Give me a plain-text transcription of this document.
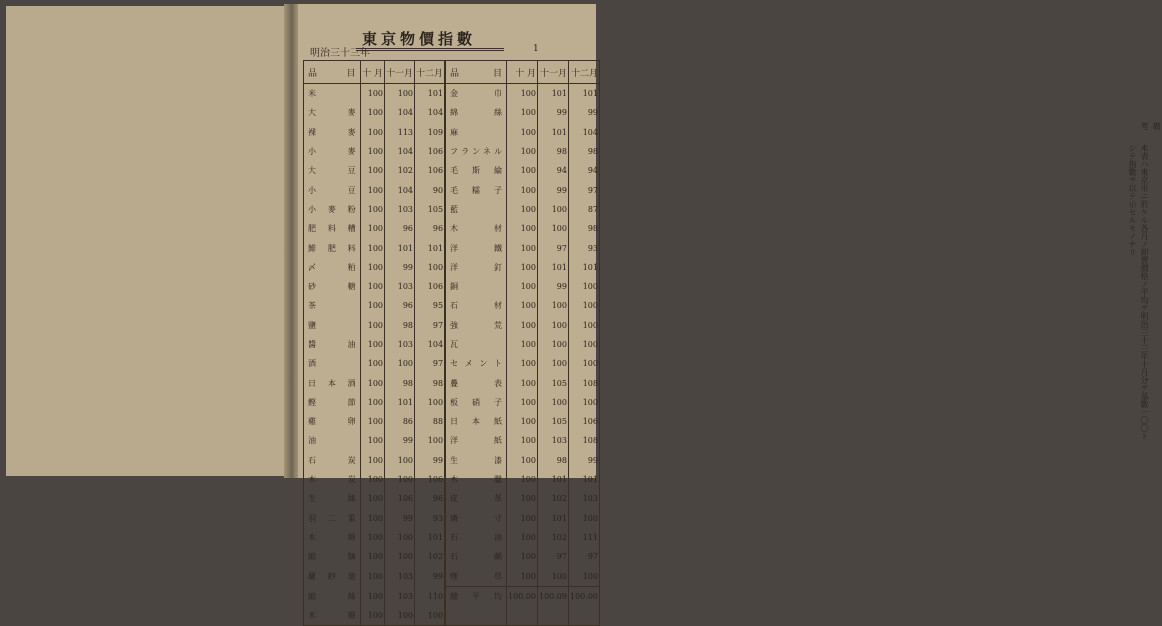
明治三十三年
東京物價指數
1
品　目	十 月	十一月	十二月	品　目	十 月	十一月	十二月
米	100	100	101	金　　巾	100	101	101
大　　麥	100	104	104	綿　　絲	100	99	99
裸　　麥	100	113	109	麻	100	101	104
小　　麥	100	104	106	フランネル	100	98	98
大　　豆	100	102	106	毛 斯 綸	100	94	94
小　　豆	100	104	90	毛 糯 子	100	99	97
小 麥 粉	100	103	105	藍	100	100	87
肥 料 糟	100	96	96	木　　材	100	100	98
鯡 肥 料	100	101	101	洋　　鐵	100	97	93
〆　　粕	100	99	100	洋　　釘	100	101	101
砂　　糖	100	103	106	銅	100	99	100
茶	100	96	95	石　　材	100	100	100
鹽	100	98	97	強　　荒	100	100	100
醬　　油	100	103	104	瓦	100	100	100
酒	100	100	97	セメント	100	100	100
日 本 酒	100	98	98	疊　　表	100	105	108
鰹　　節	100	101	100	板 硝 子	100	100	100
雞　　卵	100	86	88	日 本 紙	100	105	106
油	100	99	100	洋　　紙	100	103	108
石　　炭	100	100	99	生　　漆	100	98	99
木　　炭	100	100	106	木　　臘	100	101	101
生　　絲	100	106	96	皮　　革	100	102	103
羽 二 重	100	99	93	燐　　寸	100	101	100
木　　綿	100	100	101	石　　油	100	102	111
縮　　緬	100	100	102	石　　鹸	100	97	97
羅 紗 地	100	103	99	煙　　草	100	100	100
縮　　絲	100	103	110	總 平 均	100.00	100.09	100.00
木　　綿	100	100	100				
備考
本表ハ東京市ニ於ケル各月ノ卸賣價格ノ平均ヲ明治三十三年十月分ヲ基數一〇〇トシテ指數ヲ以テ示セルモノナリ
